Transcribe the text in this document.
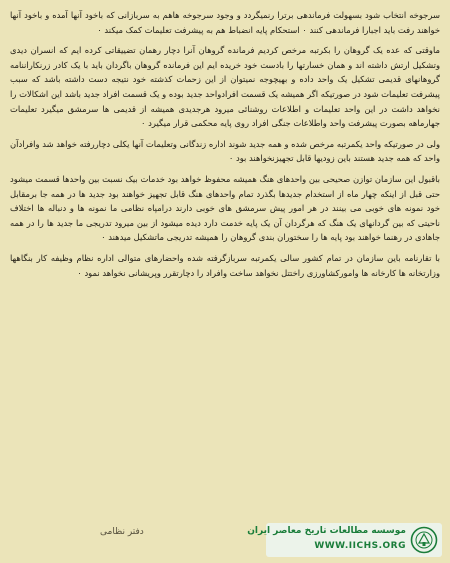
سرجوخه انتخاب شود بسهولت فرماندهی برترا رنمیگردد و وجود سرجوخه هاهم به سربازانی که باخود آنها آمده و باخود آنها خواهند رفت باید اجبارا فرماندهی کنند ۰ استحکام پایه انضباط هم به پیشرفت تعلیمات کمک میکند ۰

ماوقتی که عده یک گروهان را بکرتبه مرخص کردیم فرمانده گروهان آنرا دچار رهمان تضییقاتی کرده ایم که انسران دیدی وتشکیل ارتش داشته اند و همان خسارتها را بادست خود خریده ایم این فرمانده گروهان باگردان باید با یک کادر زرنکاراننامه گروهانهای قدیمی تشکیل یک واحد داده و بهیچوجه نمیتوان از این زحمات کذشته خود نتیجه دست داشته باشد که سبب پیشرفت تعلیمات شود در صورتیکه اگر همیشه یک قسمت افرادواحد جدید بوده و یک قسمت افراد جدید باشد این اشکالات را نخواهد داشت در این واحد تعلیمات و اطلاعات روشنائی میرود هرجدیدی همیشه از قدیمی ها سرمشق میگیرد تعلیمات جهارماهه بصورت پیشرفت واحد واطلاعات جنگی افراد روی پایه محکمی قرار میگیرد ۰

ولی در صورتیکه واحد یکمرتبه مرخص شده و همه جدید شوند اداره زندگانی وتعلیمات آنها یکلی دچاررفته خواهد شد وافرادآن واحد که همه جدید هستند باین زودیها قابل تجهیزنخواهند بود ۰

باقبول این سازمان توازن صحیحی بین واحدهای هنگ همیشه محفوظ خواهد بود خدمات بیک نسبت بین واحدها قسمت میشود حتی قبل از اینکه چهار ماه از استخدام جدیدها بگذرد تمام واحدهای هنگ قابل تجهیز خواهند بود جدید ها در همه جا برمقابل خود نمونه های خوبی می بینند در هر امور پیش سرمشق های خوبی دارند درامپاه نظامی ما نمونه ها و دنباله ها اختلاف ناحیتی که بین گردانهای یک هنگ که هرگردان آن یک پایه خدمت دارد دیده میشود از بین میرود تدریجی ما جدید ها را در همه جاهادی در رهنما خواهند بود پایه ها را سختوران بندی گروهان را همیشه تدریجی ماتشکیل میدهند ۰

با تقارنامه باین سازمان در تمام کشور سالی یکمرتبه سربازگرفته شده واحضارهای متوالی اداره نظام وظیفه کار بنگاهها وزارتخانه ها کارخانه ها وامورکشاورزی راختتل نخواهد ساخت وافراد را دچارتقرر وپریشانی نخواهد نمود ۰

دفتر نظامی	موسسه مطالعات تاریخ معاصر ایران
WWW.IICHS.ORG
